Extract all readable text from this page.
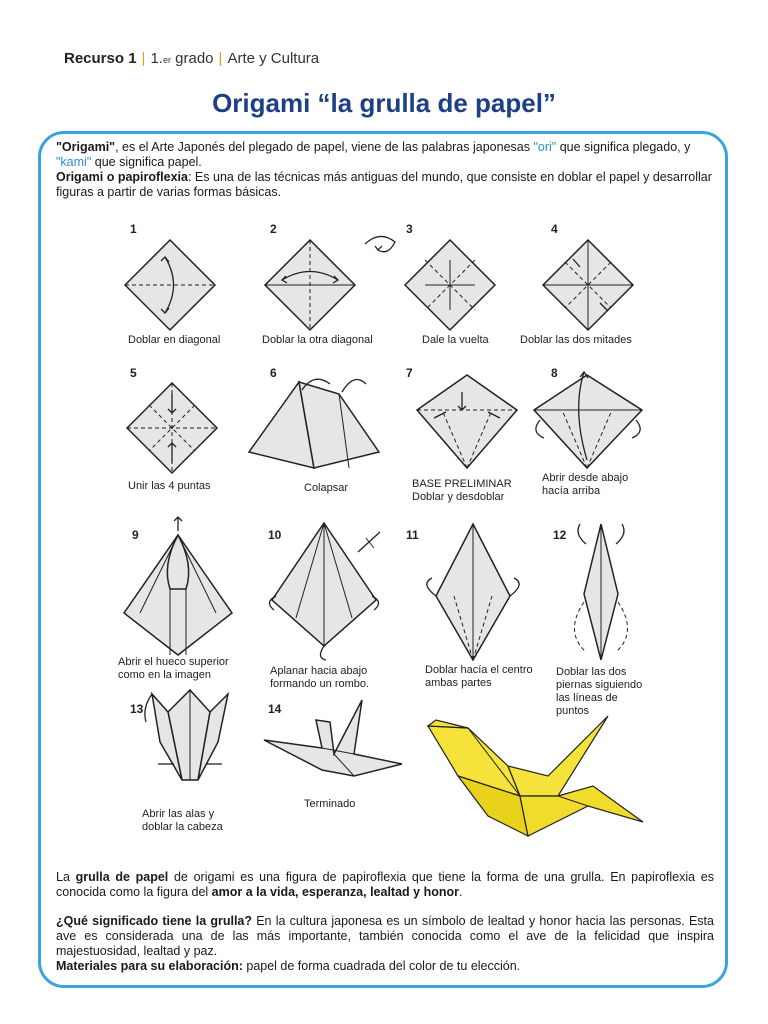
Recurso 1 | 1.er grado | Arte y Cultura
Origami “la grulla de papel”
"Origami", es el Arte Japonés del plegado de papel, viene de las palabras japonesas "ori" que significa plegado, y "kami" que significa papel.
Origami o papiroflexia: Es una de las técnicas más antiguas del mundo, que consiste en doblar el papel y desarrollar figuras a partir de varias formas básicas.
1
Doblar en diagonal
2
Doblar la otra diagonal
3
Dale la vuelta
4
Doblar las dos mitades
5
Unir las 4 puntas
6
Colapsar
7
BASE PRELIMINAR
Doblar y desdoblar
8
Abrir desde abajo
hacía arriba
9
Abrir el hueco superior
como en la imagen
10
Aplanar hacia abajo
formando un rombo.
11
Doblar hacía el centro
ambas partes
12
Doblar las dos
piernas siguiendo
las líneas de
puntos
13
Abrir las alas y
doblar la cabeza
14
Terminado

La grulla de papel de origami es una figura de papiroflexia que tiene la forma de una grulla. En papiroflexia es conocida como la figura del amor a la vida, esperanza, lealtad y honor.

¿Qué significado tiene la grulla? En la cultura japonesa es un símbolo de lealtad y honor hacia las personas. Esta ave es considerada una de las más importante, también conocida como el ave de la felicidad que inspira majestuosidad, lealtad y paz.

Materiales para su elaboración: papel de forma cuadrada del color de tu elección.
